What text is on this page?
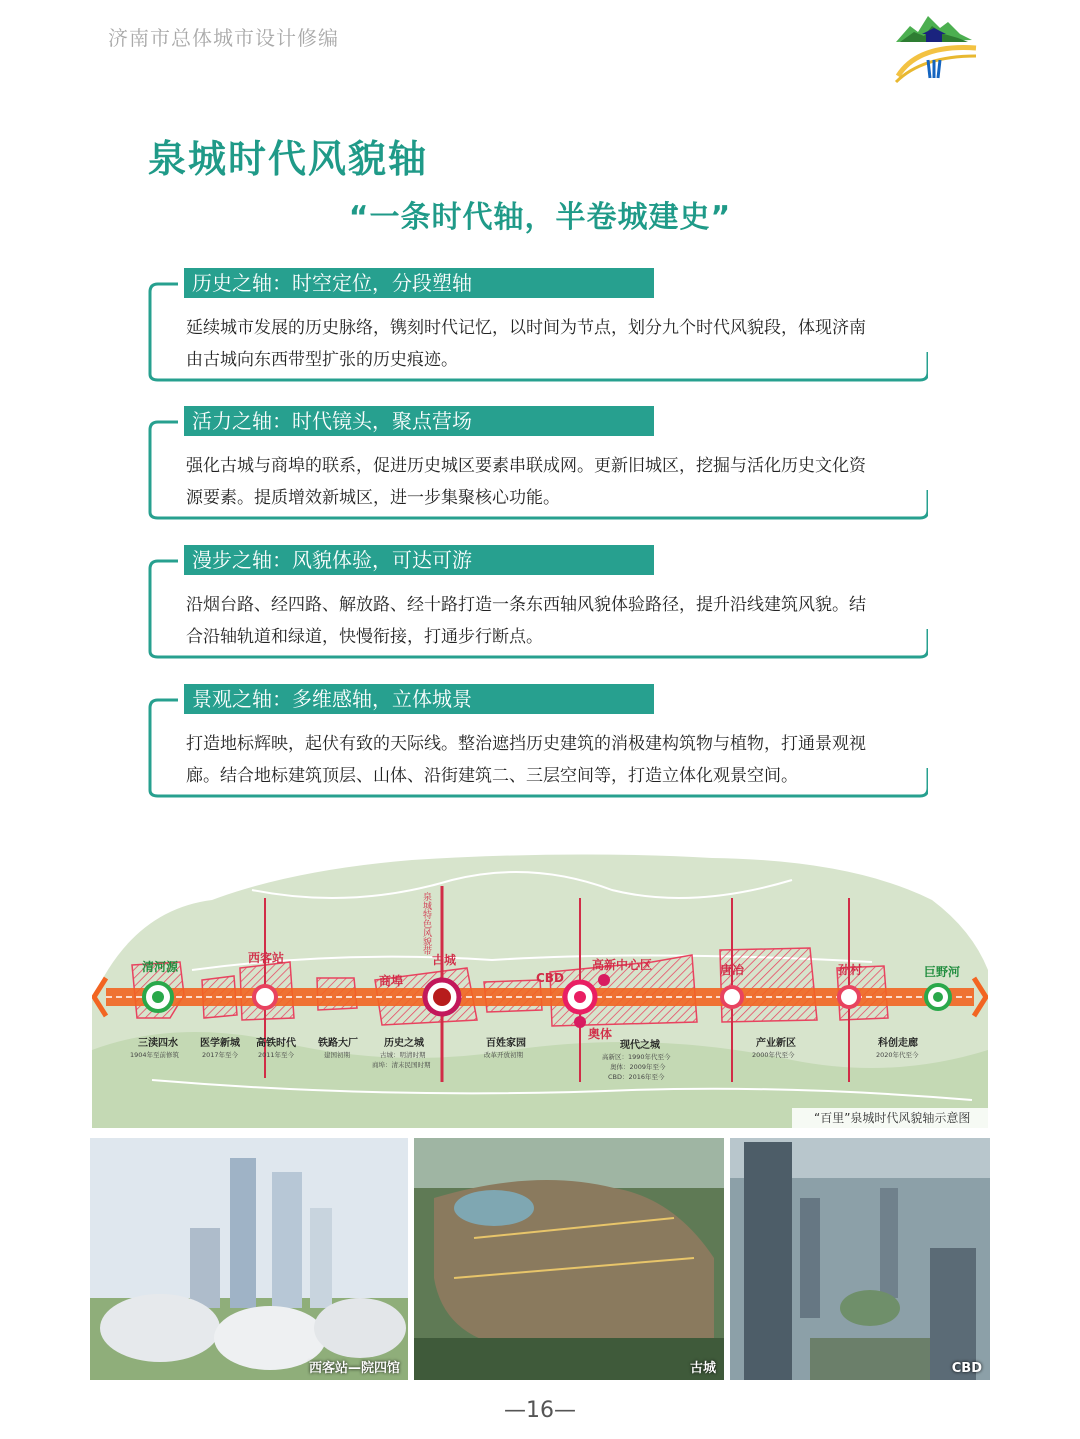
济南市总体城市设计修编
泉城时代风貌轴
“一条时代轴，半卷城建史”
历史之轴：时空定位，分段塑轴
延续城市发展的历史脉络，镌刻时代记忆，以时间为节点，划分九个时代风貌段，体现济南
由古城向东西带型扩张的历史痕迹。
活力之轴：时代镜头，聚点营场
强化古城与商埠的联系，促进历史城区要素串联成网。更新旧城区，挖掘与活化历史文化资
源要素。提质增效新城区，进一步集聚核心功能。
漫步之轴：风貌体验，可达可游
沿烟台路、经四路、解放路、经十路打造一条东西轴风貌体验路径，提升沿线建筑风貌。结
合沿轴轨道和绿道，快慢衔接，打通步行断点。
景观之轴：多维感轴，立体城景
打造地标辉映，起伏有致的天际线。整治遮挡历史建筑的消极建构筑物与植物，打通景观视
廊。结合地标建筑顶层、山体、沿街建筑二、三层空间等，打造立体化观景空间。
清河源
西客站
商埠
古城
CBD
高新中心区
奥体
唐冶	孙村	巨野河
泉城特色风貌带
三渎四水 医学新城 高铁时代 铁路大厂	历史之城	百姓家园	现代之城	产业新区	科创走廊
1904年至前修筑	2017年至今	2011年至今	建国初期	古城：明清时期
商埠：清末民国时期
改革开放初期	高新区：1990年代至今
奥体：2009年至今
CBD：2016年至今
2000年代至今	2020年代至今
“百里”泉城时代风貌轴示意图
西客站—院四馆	古城	CBD
—16—
